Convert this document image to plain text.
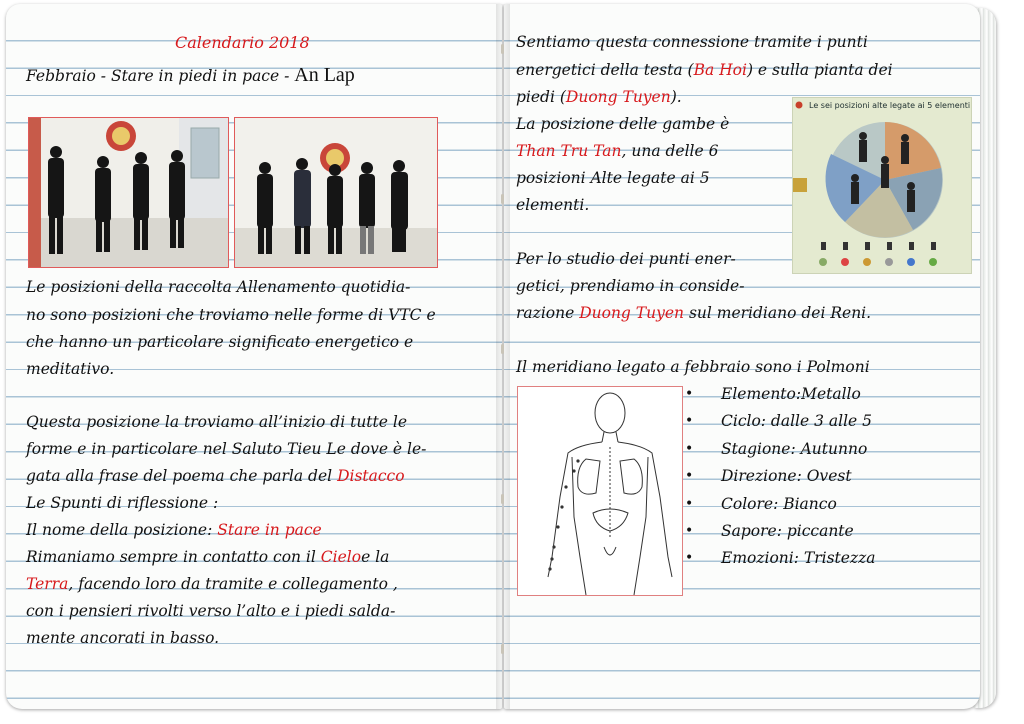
Calendario 2018
Febbraio - Stare in piedi in pace - An Lap
Le posizioni della raccolta Allenamento quotidia-
no sono posizioni che troviamo nelle forme di VTC e
che hanno un particolare significato energetico e
meditativo.
Questa posizione la troviamo all’inizio di tutte le
forme e in particolare nel Saluto Tieu Le dove è le-
gata alla frase del poema che parla del Distacco
Le Spunti di riflessione :
Il nome della posizione: Stare in pace
Rimaniamo sempre in contatto con il Cieloe la
Terra, facendo loro da tramite e collegamento ,
con i pensieri rivolti verso l’alto e i piedi salda-
mente ancorati in basso.
Sentiamo questa connessione tramite i punti
energetici della testa (Ba Hoi) e sulla pianta dei
piedi (Duong Tuyen).
La posizione delle gambe è
Than Tru Tan, una delle 6
posizioni Alte legate ai 5
elementi.
Per lo studio dei punti ener-
getici, prendiamo in conside-
razione Duong Tuyen sul meridiano dei Reni.
Il meridiano legato a febbraio sono i Polmoni
• Elemento:Metallo
• Ciclo: dalle 3 alle 5
• Stagione: Autunno
• Direzione: Ovest
• Colore: Bianco
• Sapore: piccante
• Emozioni: Tristezza
Le sei posizioni alte legate ai 5 elementi
